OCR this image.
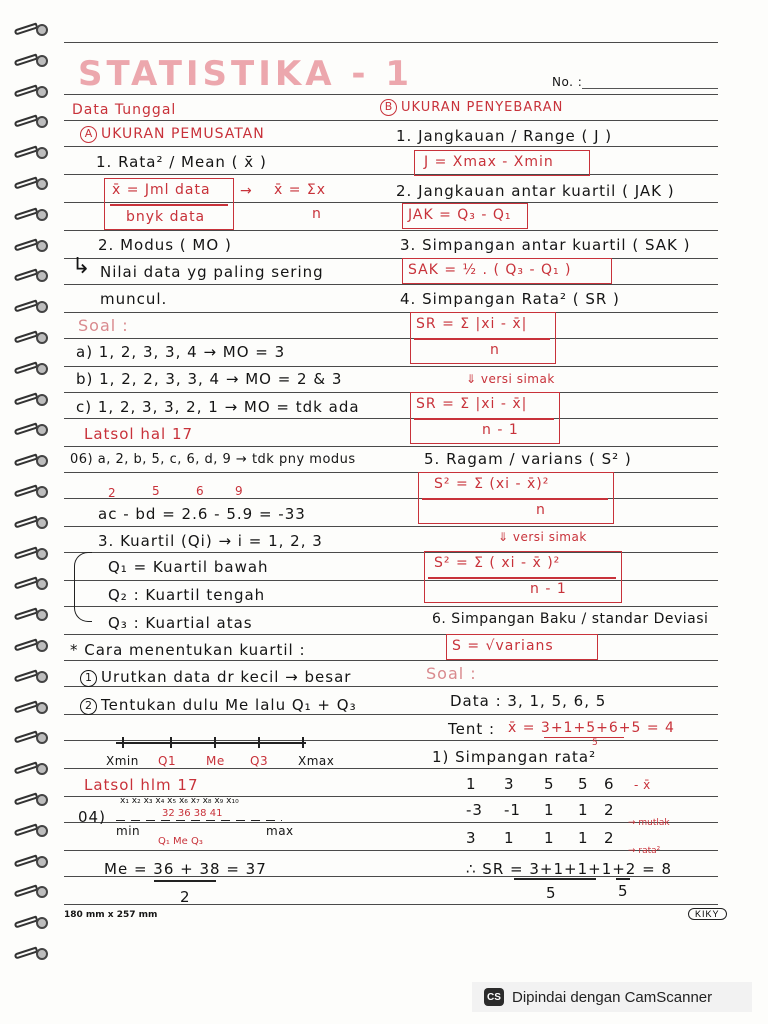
STATISTIKA - 1	No. :
Data Tunggal
A UKURAN PEMUSATAN
1. Rata² / Mean ( x̄ )
x̄ = Jml data
bnyk data
→ x̄ = Σx
n
2. Modus ( MO )
↳ Nilai data yg paling sering
muncul.
Soal :
a) 1, 2, 3, 3, 4 → MO = 3
b) 1, 2, 2, 3, 3, 4 → MO = 2 & 3
c) 1, 2, 3, 3, 2, 1 → MO = tdk ada
Latsol hal 17
06) a, 2, b, 5, c, 6, d, 9 → tdk pny modus
2	5	6	9
ac - bd = 2.6 - 5.9 = -33
3. Kuartil (Qi) → i = 1, 2, 3
Q₁ = Kuartil bawah
Q₂ : Kuartil tengah
Q₃ : Kuartial atas
* Cara menentukan kuartil :
1 Urutkan data dr kecil → besar
2 Tentukan dulu Me lalu Q₁ + Q₃
Xmin Q1 Me Q3 Xmax
Latsol hlm 17
04)
x₁ x₂ x₃ x₄ x₅ x₆ x₇ x₈ x₉ x₁₀
32 36 38 41
min	max
Q₁ Me Q₃
Me = 36 + 38 = 37
2
B UKURAN PENYEBARAN
1. Jangkauan / Range ( J )
J = Xmax - Xmin
2. Jangkauan antar kuartil ( JAK )
JAK = Q₃ - Q₁
3. Simpangan antar kuartil ( SAK )
SAK = ½ . ( Q₃ - Q₁ )
4. Simpangan Rata² ( SR )
SR = Σ |xi - x̄|
n
⇓ versi simak
SR = Σ |xi - x̄|
n - 1
5. Ragam / varians ( S² )
S² = Σ (xi - x̄)²
n
⇓ versi simak
S² = Σ ( xi - x̄ )²
n - 1
6. Simpangan Baku / standar Deviasi
S = √varians
Soal :
Data : 3, 1, 5, 6, 5
Tent : x̄ = 3+1+5+6+5 = 4
5
1) Simpangan rata²
1 3 5 5 6
-3 -1 1 1 2
3 1 1 1 2
- x̄
→ mutlak
→ rata²
∴ SR = 3+1+1+1+2 = 8
5	5
180 mm x 257 mm	KIKY
CS Dipindai dengan CamScanner
